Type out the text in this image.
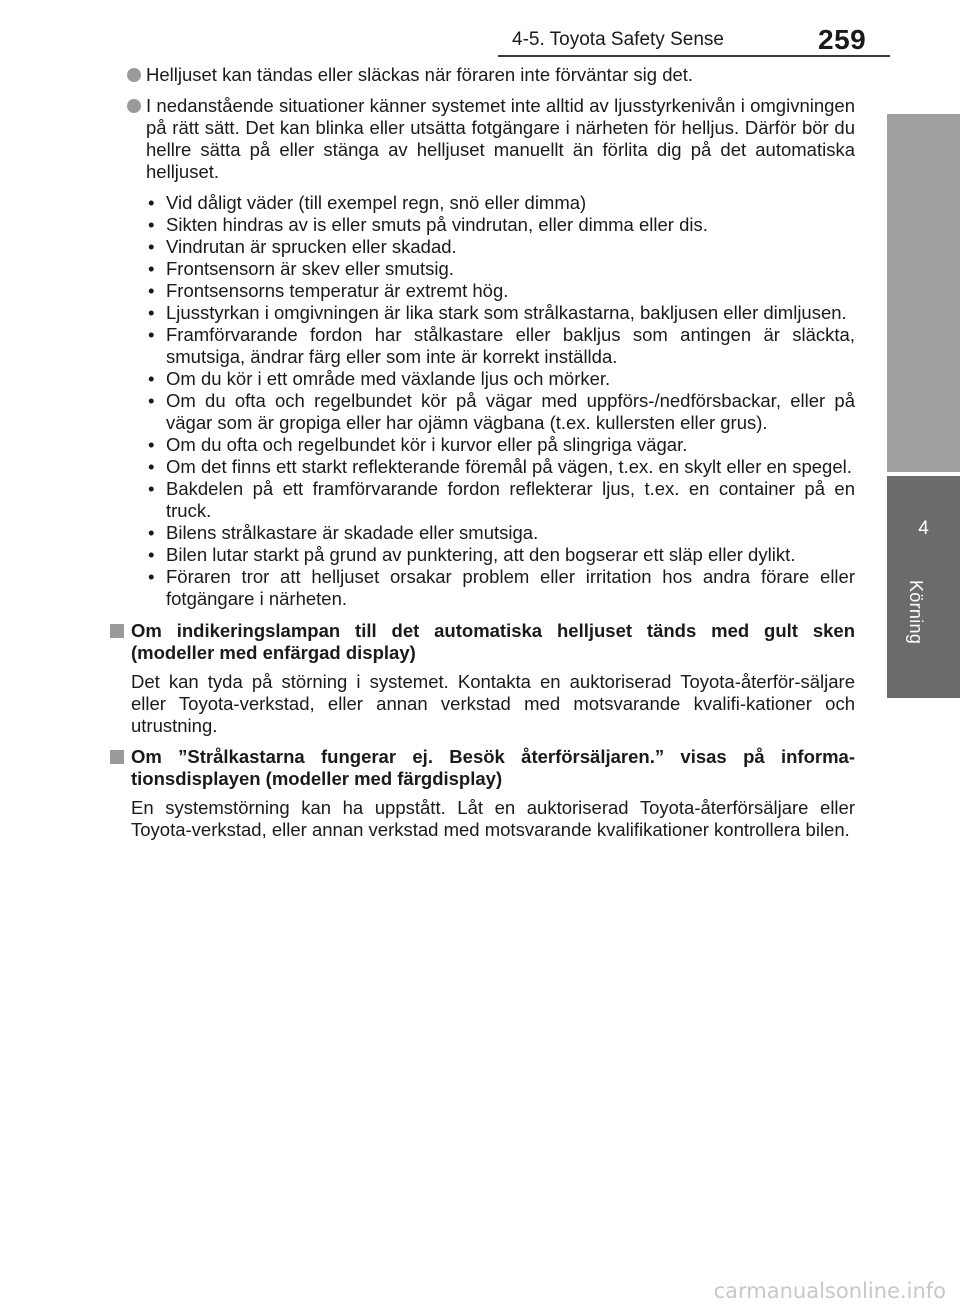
4-5. Toyota Safety Sense	259
4
Körning
Helljuset kan tändas eller släckas när föraren inte förväntar sig det.
I nedanstående situationer känner systemet inte alltid av ljusstyrkenivån i omgivningen på rätt sätt. Det kan blinka eller utsätta fotgängare i närheten för helljus. Därför bör du hellre sätta på eller stänga av helljuset manuellt än förlita dig på det automatiska helljuset.
• Vid dåligt väder (till exempel regn, snö eller dimma)
• Sikten hindras av is eller smuts på vindrutan, eller dimma eller dis.
• Vindrutan är sprucken eller skadad.
• Frontsensorn är skev eller smutsig.
• Frontsensorns temperatur är extremt hög.
• Ljusstyrkan i omgivningen är lika stark som strålkastarna, bakljusen eller dimljusen.
• Framförvarande fordon har stålkastare eller bakljus som antingen är släckta, smutsiga, ändrar färg eller som inte är korrekt inställda.
• Om du kör i ett område med växlande ljus och mörker.
• Om du ofta och regelbundet kör på vägar med uppförs-/nedförsbackar, eller på vägar som är gropiga eller har ojämn vägbana (t.ex. kullersten eller grus).
• Om du ofta och regelbundet kör i kurvor eller på slingriga vägar.
• Om det finns ett starkt reflekterande föremål på vägen, t.ex. en skylt eller en spegel.
• Bakdelen på ett framförvarande fordon reflekterar ljus, t.ex. en container på en truck.
• Bilens strålkastare är skadade eller smutsiga.
• Bilen lutar starkt på grund av punktering, att den bogserar ett släp eller dylikt.
• Föraren tror att helljuset orsakar problem eller irritation hos andra förare eller fotgängare i närheten.
Om indikeringslampan till det automatiska helljuset tänds med gult sken (modeller med enfärgad display)
Det kan tyda på störning i systemet. Kontakta en auktoriserad Toyota-återför-säljare eller Toyota-verkstad, eller annan verkstad med motsvarande kvalifi-kationer och utrustning.
Om ”Strålkastarna fungerar ej. Besök återförsäljaren.” visas på informa-tionsdisplayen (modeller med färgdisplay)
En systemstörning kan ha uppstått. Låt en auktoriserad Toyota-återförsäljare eller Toyota-verkstad, eller annan verkstad med motsvarande kvalifikationer kontrollera bilen.
carmanualsonline.info
